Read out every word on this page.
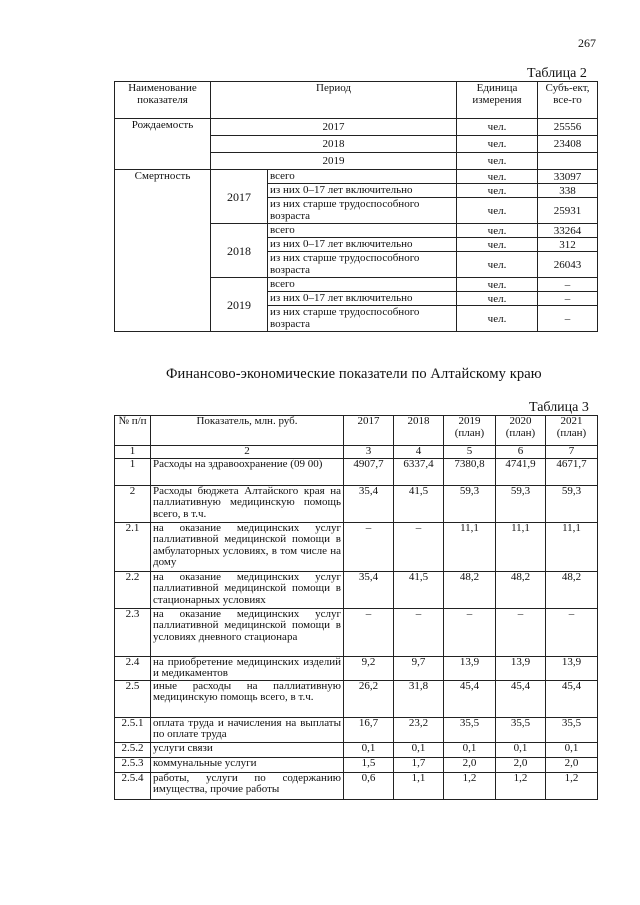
267
Таблица 2
Наименование показателя	Период		Единица измерения	Субъ-ект, все-го
Рождаемость	2017		чел.	25556
	2018		чел.	23408
	2019		чел.	
Смертность	2017	всего	чел.	33097
		из них 0–17 лет включительно	чел.	338
		из них старше трудоспособного возраста	чел.	25931
	2018	всего	чел.	33264
		из них 0–17 лет включительно	чел.	312
		из них старше трудоспособного возраста	чел.	26043
	2019	всего	чел.	–
		из них 0–17 лет включительно	чел.	–
		из них старше трудоспособного возраста	чел.	–
Финансово-экономические показатели по Алтайскому краю
Таблица 3
№ п/п	Показатель, млн. руб.	2017	2018	2019 (план)	2020 (план)	2021 (план)
1	2	3	4	5	6	7
1	Расходы на здравоохранение (09 00)	4907,7	6337,4	7380,8	4741,9	4671,7
2	Расходы бюджета Алтайского края на паллиативную медицинскую помощь всего, в т.ч.	35,4	41,5	59,3	59,3	59,3
2.1	на оказание медицинских услуг паллиативной медицинской помощи в амбулаторных условиях, в том числе на дому	–	–	11,1	11,1	11,1
2.2	на оказание медицинских услуг паллиативной медицинской помощи в стационарных условиях	35,4	41,5	48,2	48,2	48,2
2.3	на оказание медицинских услуг паллиативной медицинской помощи в условиях дневного стационара	–	–	–	–	–
2.4	на приобретение медицинских изделий и медикаментов	9,2	9,7	13,9	13,9	13,9
2.5	иные расходы на паллиативную медицинскую помощь всего, в т.ч.	26,2	31,8	45,4	45,4	45,4
2.5.1	оплата труда и начисления на выплаты по оплате труда	16,7	23,2	35,5	35,5	35,5
2.5.2	услуги связи	0,1	0,1	0,1	0,1	0,1
2.5.3	коммунальные услуги	1,5	1,7	2,0	2,0	2,0
2.5.4	работы, услуги по содержанию имущества, прочие работы	0,6	1,1	1,2	1,2	1,2
